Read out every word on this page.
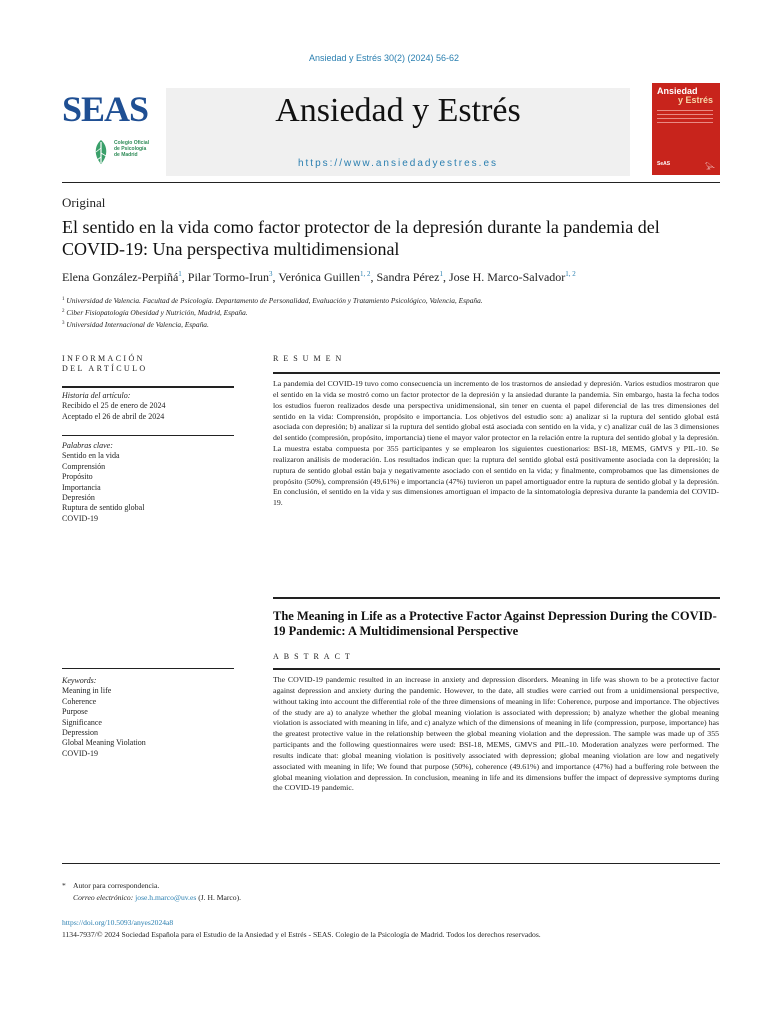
Ansiedad y Estrés 30(2) (2024) 56-62
SEAS
Colegio Oficial
de Psicología
de Madrid
Ansiedad y Estrés
https://www.ansiedadyestres.es
Ansiedad
y Estrés
SeAS	𓅪
Original
El sentido en la vida como factor protector de la depresión durante la pandemia del COVID-19: Una perspectiva multidimensional
Elena González-Perpiñá$^1$, Pilar Tormo-Irun$^3$, Verónica Guillen$^{1, 2}$, Sandra Pérez$^1$, Jose H. Marco-Salvador$^{1, 2}$
$^1$ Universidad de Valencia. Facultad de Psicología. Departamento de Personalidad, Evaluación y Tratamiento Psicológico, Valencia, España.
$^2$ Ciber Fisiopatología Obesidad y Nutrición, Madrid, España.
$^3$ Universidad Internacional de Valencia, España.
INFORMACIÓN
DEL ARTÍCULO
RESUMEN
Historia del artículo:
Recibido el 25 de enero de 2024
Aceptado el 26 de abril de 2024
Palabras clave:
Sentido en la vida
Comprensión
Propósito
Importancia
Depresión
Ruptura de sentido global
COVID-19
La pandemia del COVID-19 tuvo como consecuencia un incremento de los trastornos de ansiedad y depresión. Varios estudios mostraron que el sentido en la vida se mostró como un factor protector de la depresión y la ansiedad durante la pandemia. Sin embargo, hasta la fecha todos los estudios fueron realizados desde una perspectiva unidimensional, sin tener en cuenta el papel diferencial de las tres dimensiones del sentido en la vida: Comprensión, propósito e importancia. Los objetivos del estudio son: a) analizar si la ruptura del sentido global está asociada con depresión; b) analizar si la ruptura del sentido global está asociada con sentido en la vida, y c) analizar cuál de las 3 dimensiones del sentido (compresión, propósito, importancia) tiene el mayor valor protector en la relación entre la ruptura del sentido global y la depresión. La muestra estaba compuesta por 355 participantes y se emplearon los siguientes cuestionarios: BSI-18, MEMS, GMVS y PIL-10. Se realizaron análisis de moderación. Los resultados indican que: la ruptura del sentido global está positivamente asociada con la depresión; la ruptura de sentido global están baja y negativamente asociado con el sentido en la vida; y finalmente, comprobamos que las dimensiones de propósito (50%), comprensión (49,61%) e importancia (47%) tuvieron un papel amortiguador entre la ruptura de sentido global y la depresión. En conclusión, el sentido en la vida y sus dimensiones amortiguan el impacto de la sintomatología depresiva durante la pandemia del COVID-19.
The Meaning in Life as a Protective Factor Against Depression During the COVID-19 Pandemic: A Multidimensional Perspective
ABSTRACT
Keywords:
Meaning in life
Coherence
Purpose
Significance
Depression
Global Meaning Violation
COVID-19
The COVID-19 pandemic resulted in an increase in anxiety and depression disorders. Meaning in life was shown to be a protective factor against depression and anxiety during the pandemic. However, to the date, all studies were carried out from a unidimensional perspective, without taking into account the differential role of the three dimensions of meaning in life: Coherence, purpose and importance. The objectives of the study are a) to analyze whether the global meaning violation is associated with depression; b) analyze whether the global meaning violation is associated with meaning in life, and c) analyze which of the dimensions of meaning in life (compression, purpose, importance) has the greatest protective value in the relationship between the global meaning violation and the depression. The sample was made up of 355 participants and the following questionnaires were used: BSI-18, MEMS, GMVS and PIL-10. Moderation analyzes were performed. The results indicate that: global meaning violation is positively associated with depression; global meaning violation are low and negatively associated with meaning in life; We found that purpose (50%), coherence (49.61%) and importance (47%) had a buffering role between the global meaning violation and depression. In conclusion, meaning in life and its dimensions buffer the impact of depressive symptoms during the COVID-19 pandemic.
* Autor para correspondencia.
Correo electrónico: jose.h.marco@uv.es (J. H. Marco).
https://doi.org/10.5093/anyes2024a8
1134-7937/© 2024 Sociedad Española para el Estudio de la Ansiedad y el Estrés - SEAS. Colegio de la Psicología de Madrid. Todos los derechos reservados.
